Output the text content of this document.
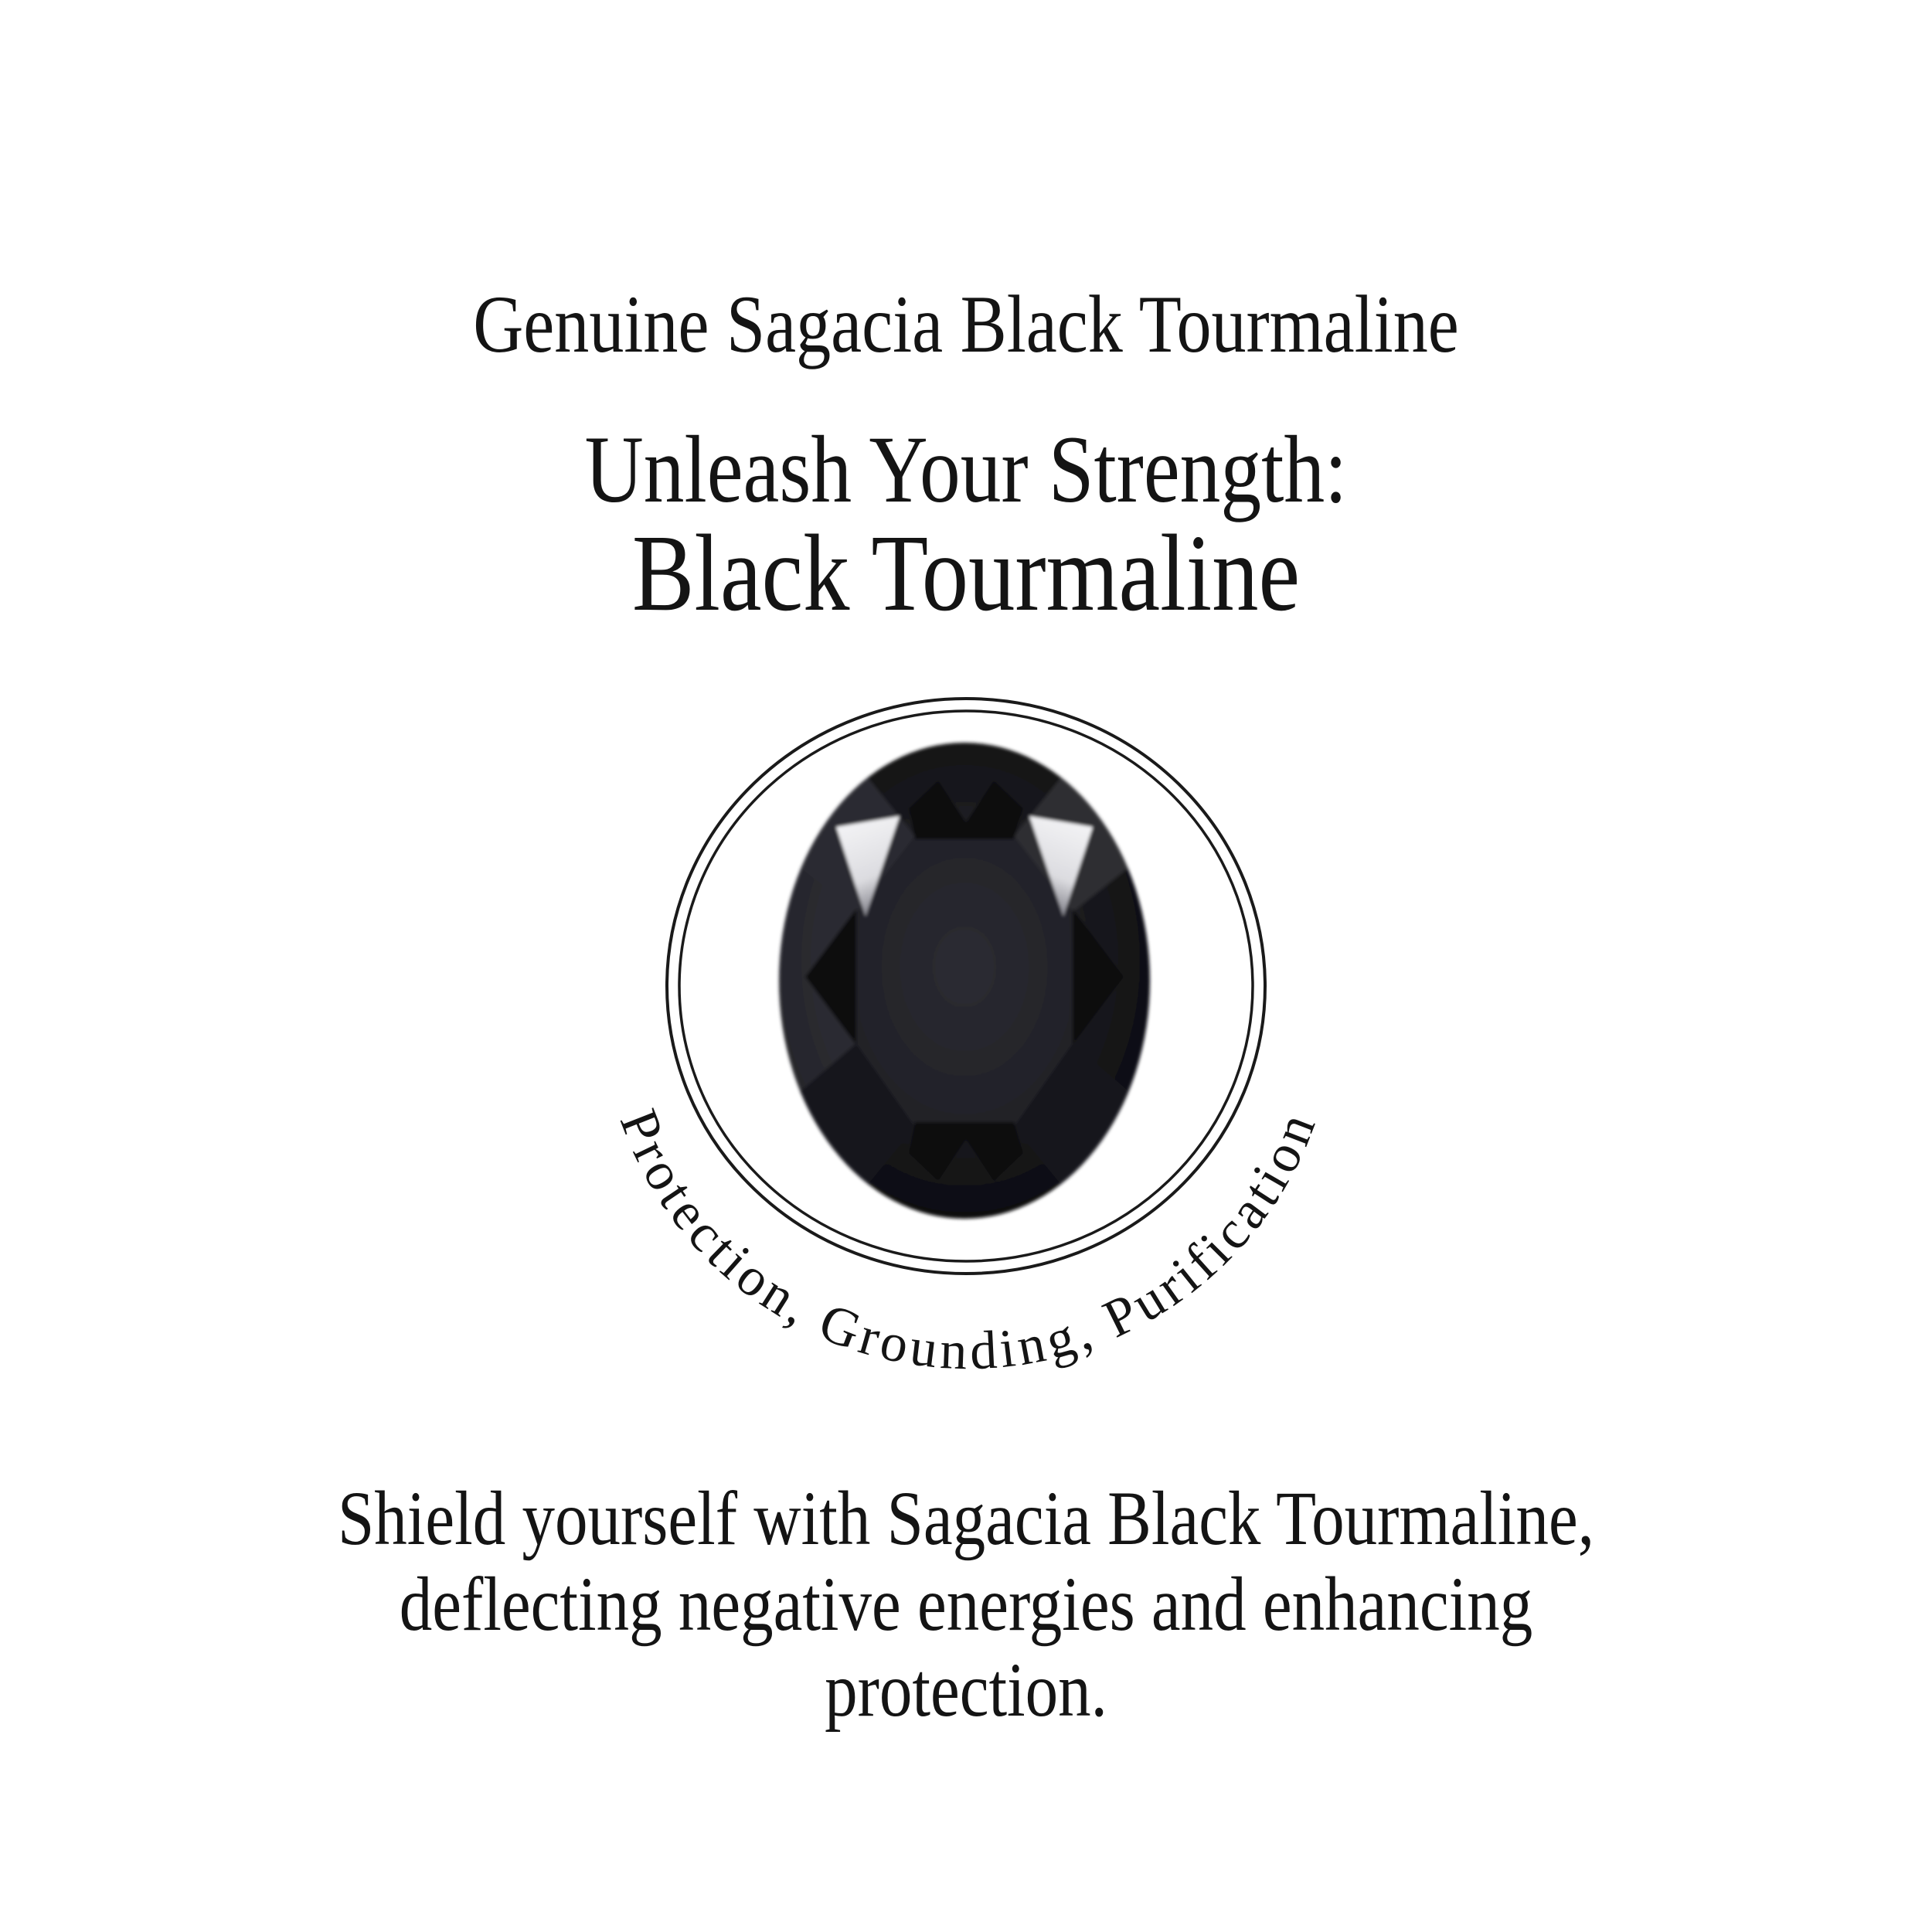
Genuine Sagacia Black Tourmaline
Unleash Your Strength:
Black Tourmaline
Protection, Grounding, Purification
Shield yourself with Sagacia Black Tourmaline,
deflecting negative energies and enhancing
protection.
